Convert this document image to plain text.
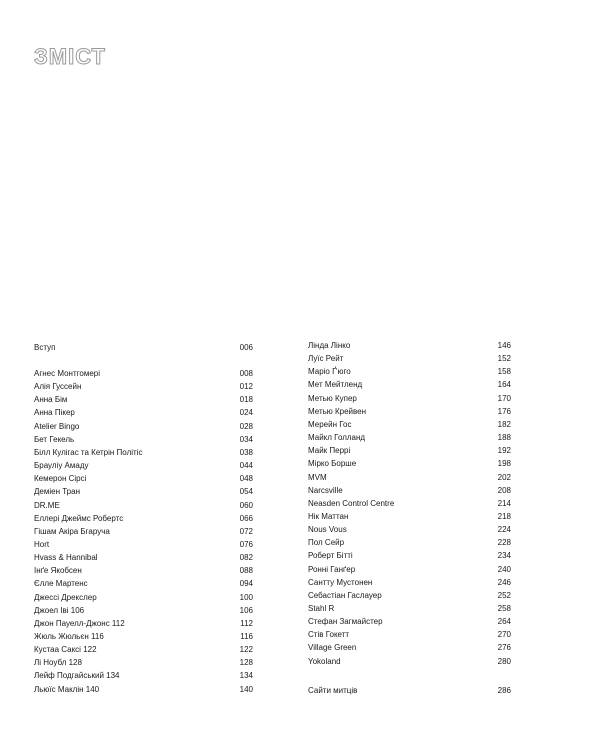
ЗМІСТ
Вступ	006
Агнес Монтгомері	008
Алія Гуссейн	012
Анна Бім	018
Анна Пікер	024
Atelier Bingo	028
Бет Гекель	034
Білл Кулігас та Кетрін Політіс	038
Брауліу Амаду	044
Кемерон Сірсі	048
Деміен Тран	054
DR.ME	060
Еллері Джеймс Робертс	066
Гішам Акіра Бгаруча	072
Hort	076
Hvass & Hannibal	082
Інґе Якобсен	088
Єлле Мартенс	094
Джессі Дрекслер	100
Джоел Іві 106	106
Джон Пауелл-Джонс 112	112
Жюль Жюльєн 116	116
Кустаа Саксі 122	122
Лі Ноубл 128	128
Лейф Подгайський 134	134
Льюїс Маклін 140	140
Лінда Лінко	146
Луїс Рейт	152
Маріо Ґ'юго	158
Мет Мейтленд	164
Метью Купер	170
Метью Крейвен	176
Мерейн Гос	182
Майкл Голланд	188
Майк Перрі	192
Мірко Борше	198
MVM	202
Narcsville	208
Neasden Control Centre	214
Нік Маттан	218
Nous Vous	224
Пол Сейр	228
Роберт Бітті	234
Ронні Ганґер	240
Сантту Мустонен	246
Себастіан Гаслауер	252
Stahl R	258
Стефан Загмайстер	264
Стів Гокетт	270
Village Green	276
Yokoland	280
Сайти митців	286
